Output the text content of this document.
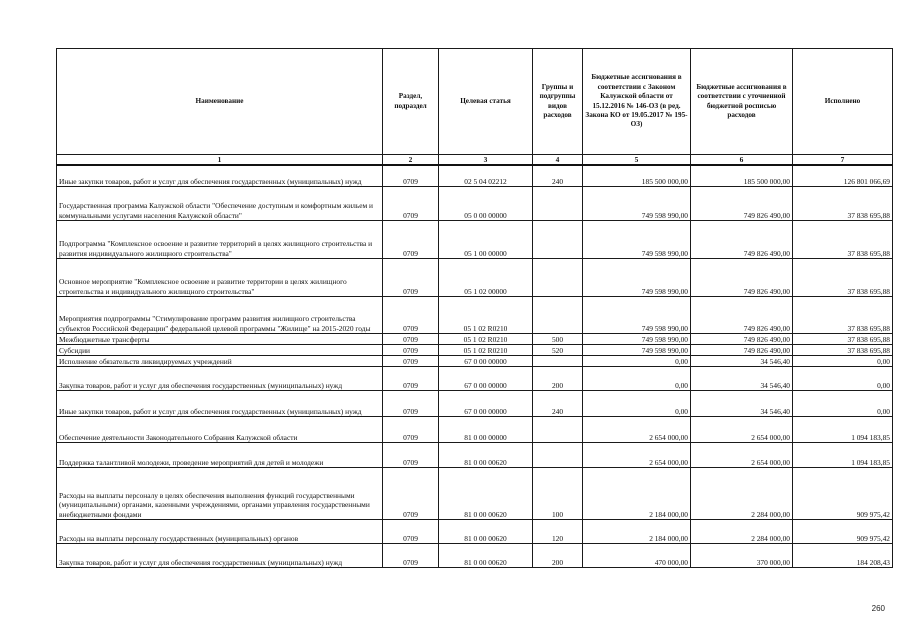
Наименование	Раздел, подраздел	Целевая статья	Группы и подгруппы видов расходов	Бюджетные ассигнования в соответствии с Законом Калужской области от 15.12.2016 № 146-ОЗ (в ред. Закона КО от 19.05.2017 № 195-ОЗ)	Бюджетные ассигнования в соответствии с уточненной бюджетной росписью расходов	Исполнено
1	2	3	4	5	6	7
Иные закупки товаров, работ и услуг для обеспечения государственных (муниципальных) нужд	0709	02 5 04 02212	240	185 500 000,00	185 500 000,00	126 801 066,69
Государственная программа Калужской области "Обеспечение доступным и комфортным жильем и коммунальными услугами населения Калужской области"	0709	05 0 00 00000		749 598 990,00	749 826 490,00	37 838 695,88
Подпрограмма "Комплексное освоение и развитие территорий в целях жилищного строительства и развития индивидуального жилищного строительства"	0709	05 1 00 00000		749 598 990,00	749 826 490,00	37 838 695,88
Основное мероприятие "Комплексное освоение и развитие территории в целях жилищного строительства и индивидуального жилищного строительства"	0709	05 1 02 00000		749 598 990,00	749 826 490,00	37 838 695,88
Мероприятия подпрограммы "Стимулирование программ развития жилищного строительства субъектов Российской Федерации" федеральной целевой программы "Жилище" на 2015-2020 годы	0709	05 1 02 R0210		749 598 990,00	749 826 490,00	37 838 695,88
Межбюджетные трансферты	0709	05 1 02 R0210	500	749 598 990,00	749 826 490,00	37 838 695,88
Субсидии	0709	05 1 02 R0210	520	749 598 990,00	749 826 490,00	37 838 695,88
Исполнение обязательств ликвидируемых учреждений	0709	67 0 00 00000		0,00	34 546,40	0,00
Закупка товаров, работ и услуг для обеспечения государственных (муниципальных) нужд	0709	67 0 00 00000	200	0,00	34 546,40	0,00
Иные закупки товаров, работ и услуг для обеспечения государственных (муниципальных) нужд	0709	67 0 00 00000	240	0,00	34 546,40	0,00
Обеспечение деятельности Законодательного Собрания Калужской области	0709	81 0 00 00000		2 654 000,00	2 654 000,00	1 094 183,85
Поддержка талантливой молодежи, проведение мероприятий для детей и молодежи	0709	81 0 00 00620		2 654 000,00	2 654 000,00	1 094 183,85
Расходы на выплаты персоналу в целях обеспечения выполнения функций государственными (муниципальными) органами, казенными учреждениями, органами управления государственными внебюджетными фондами	0709	81 0 00 00620	100	2 184 000,00	2 284 000,00	909 975,42
Расходы на выплаты персоналу государственных (муниципальных) органов	0709	81 0 00 00620	120	2 184 000,00	2 284 000,00	909 975,42
Закупка товаров, работ и услуг для обеспечения государственных (муниципальных) нужд	0709	81 0 00 00620	200	470 000,00	370 000,00	184 208,43
260
